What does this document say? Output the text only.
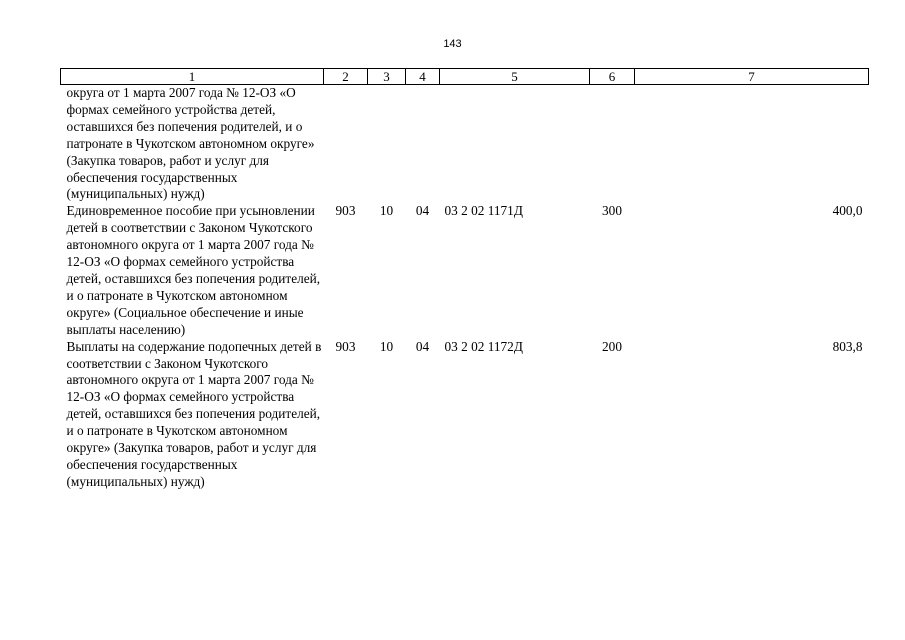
143
1	2	3	4	5	6	7
округа от 1 марта 2007 года № 12-ОЗ «О формах семейного устройства детей, оставшихся без попечения родителей, и о патронате в Чукотском автономном округе» (Закупка товаров, работ и услуг для обеспечения государственных (муниципальных) нужд)						
Единовременное пособие при усыновлении детей в соответствии с Законом Чукотского автономного округа от 1 марта 2007 года № 12-ОЗ «О формах семейного устройства детей, оставшихся без попечения родителей, и о патронате в Чукотском автономном округе» (Социальное обеспечение и иные выплаты населению)	903	10	04	03 2 02 1171Д	300	400,0
Выплаты на содержание подопечных детей в соответствии с Законом Чукотского автономного округа от 1 марта 2007 года № 12-ОЗ «О формах семейного устройства детей, оставшихся без попечения родителей, и о патронате в Чукотском автономном округе» (Закупка товаров, работ и услуг для обеспечения государственных (муниципальных) нужд)	903	10	04	03 2 02 1172Д	200	803,8
